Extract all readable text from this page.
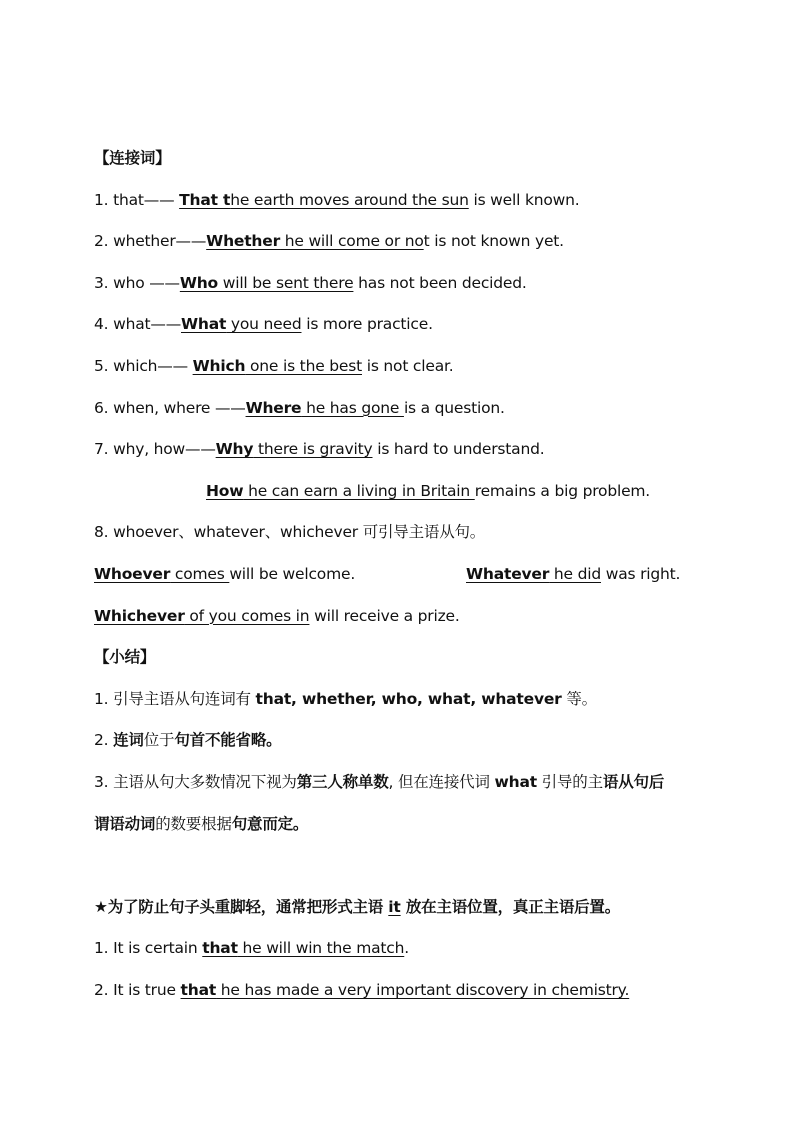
【连接词】
1. that—— That the earth moves around the sun is well known.
2. whether——Whether he will come or not is not known yet.
3. who ——Who will be sent there has not been decided.
4. what——What you need is more practice.
5. which—— Which one is the best is not clear.
6. when, where ——Where he has gone is a question.
7. why, how——Why there is gravity is hard to understand.
How he can earn a living in Britain remains a big problem.
8. whoever、whatever、whichever 可引导主语从句。
Whoever comes will be welcome.	Whatever he did was right.
Whichever of you comes in will receive a prize.
【小结】
1. 引导主语从句连词有 that, whether, who, what, whatever 等。
2. 连词位于句首不能省略。
3. 主语从句大多数情况下视为第三人称单数, 但在连接代词 what 引导的主语从句后
谓语动词的数要根据句意而定。
★为了防止句子头重脚轻，通常把形式主语 it 放在主语位置，真正主语后置。
1. It is certain that he will win the match.
2. It is true that he has made a very important discovery in chemistry.
